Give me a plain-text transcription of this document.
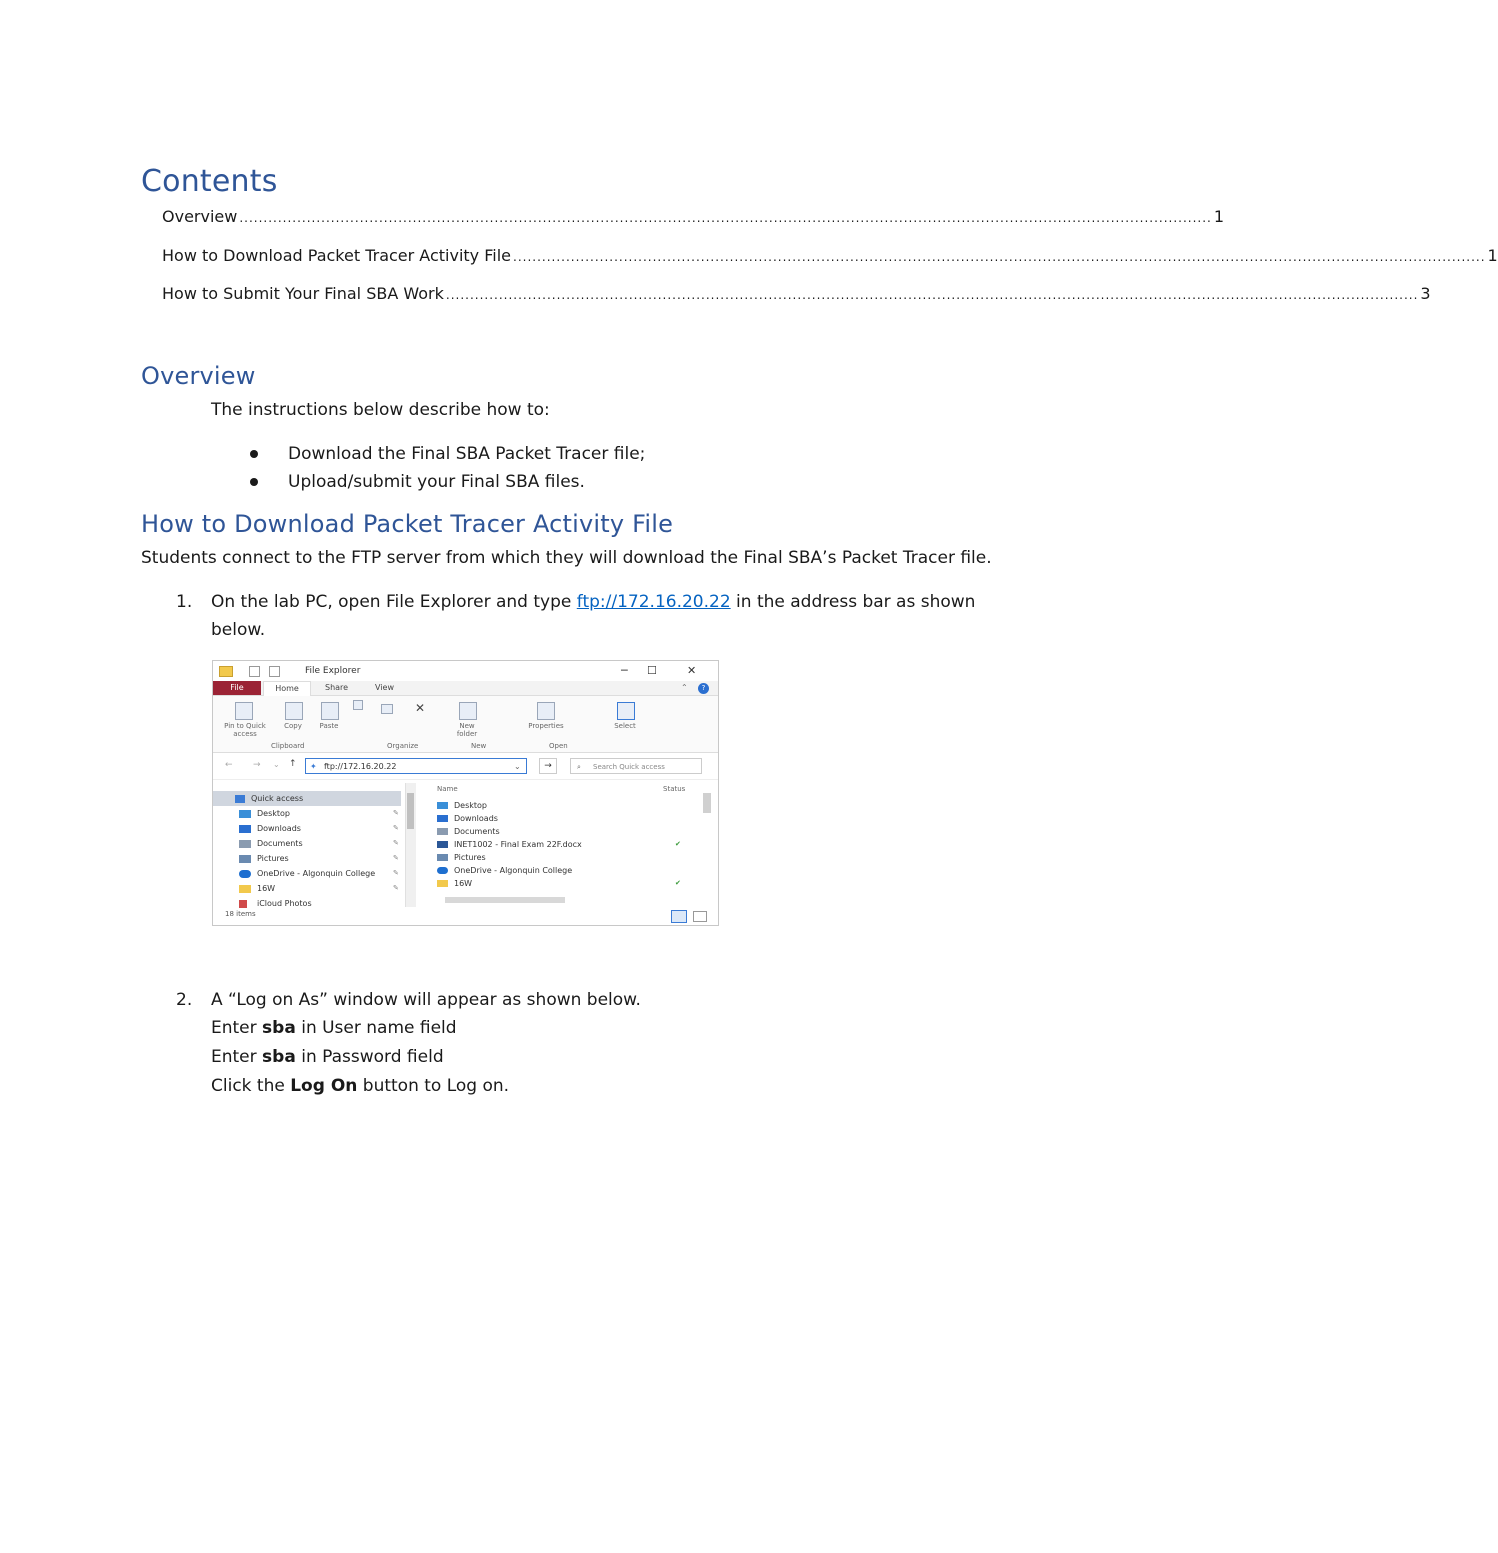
Contents
Overview .......................................................................................................................................................................................................... 1
How to Download Packet Tracer Activity File .......................................................................................................................................................................................................... 1
How to Submit Your Final SBA Work .......................................................................................................................................................................................................... 3
Overview

The instructions below describe how to:

Download the Final SBA Packet Tracer file;
Upload/submit your Final SBA files.
How to Download Packet Tracer Activity File

Students connect to the FTP server from which they will download the Final SBA’s Packet Tracer file.

1. On the lab PC, open File Explorer and type ftp://172.16.20.22 in the address bar as shown

below.

File Explorer	─ ☐	✕
File	Home	Share	View	⌃	?
Pin to Quick access
Copy	Paste
✕
New folder
Properties	Select
Clipboard	Organize	New	Open
← → ⌄ ↑ ✦ ftp://172.16.20.22	⌄	→	⌕ Search Quick access
Quick access
Desktop	✎
Downloads	✎
Documents	✎
Pictures	✎
OneDrive - Algonquin College	✎
16W	✎
iCloud Photos
Name	Status
Desktop
Downloads
Documents
INET1002 - Final Exam 22F.docx	✔
Pictures
OneDrive - Algonquin College
16W	✔
18 items
2. A “Log on As” window will appear as shown below.

Enter sba in User name field

Enter sba in Password field

Click the Log On button to Log on.
